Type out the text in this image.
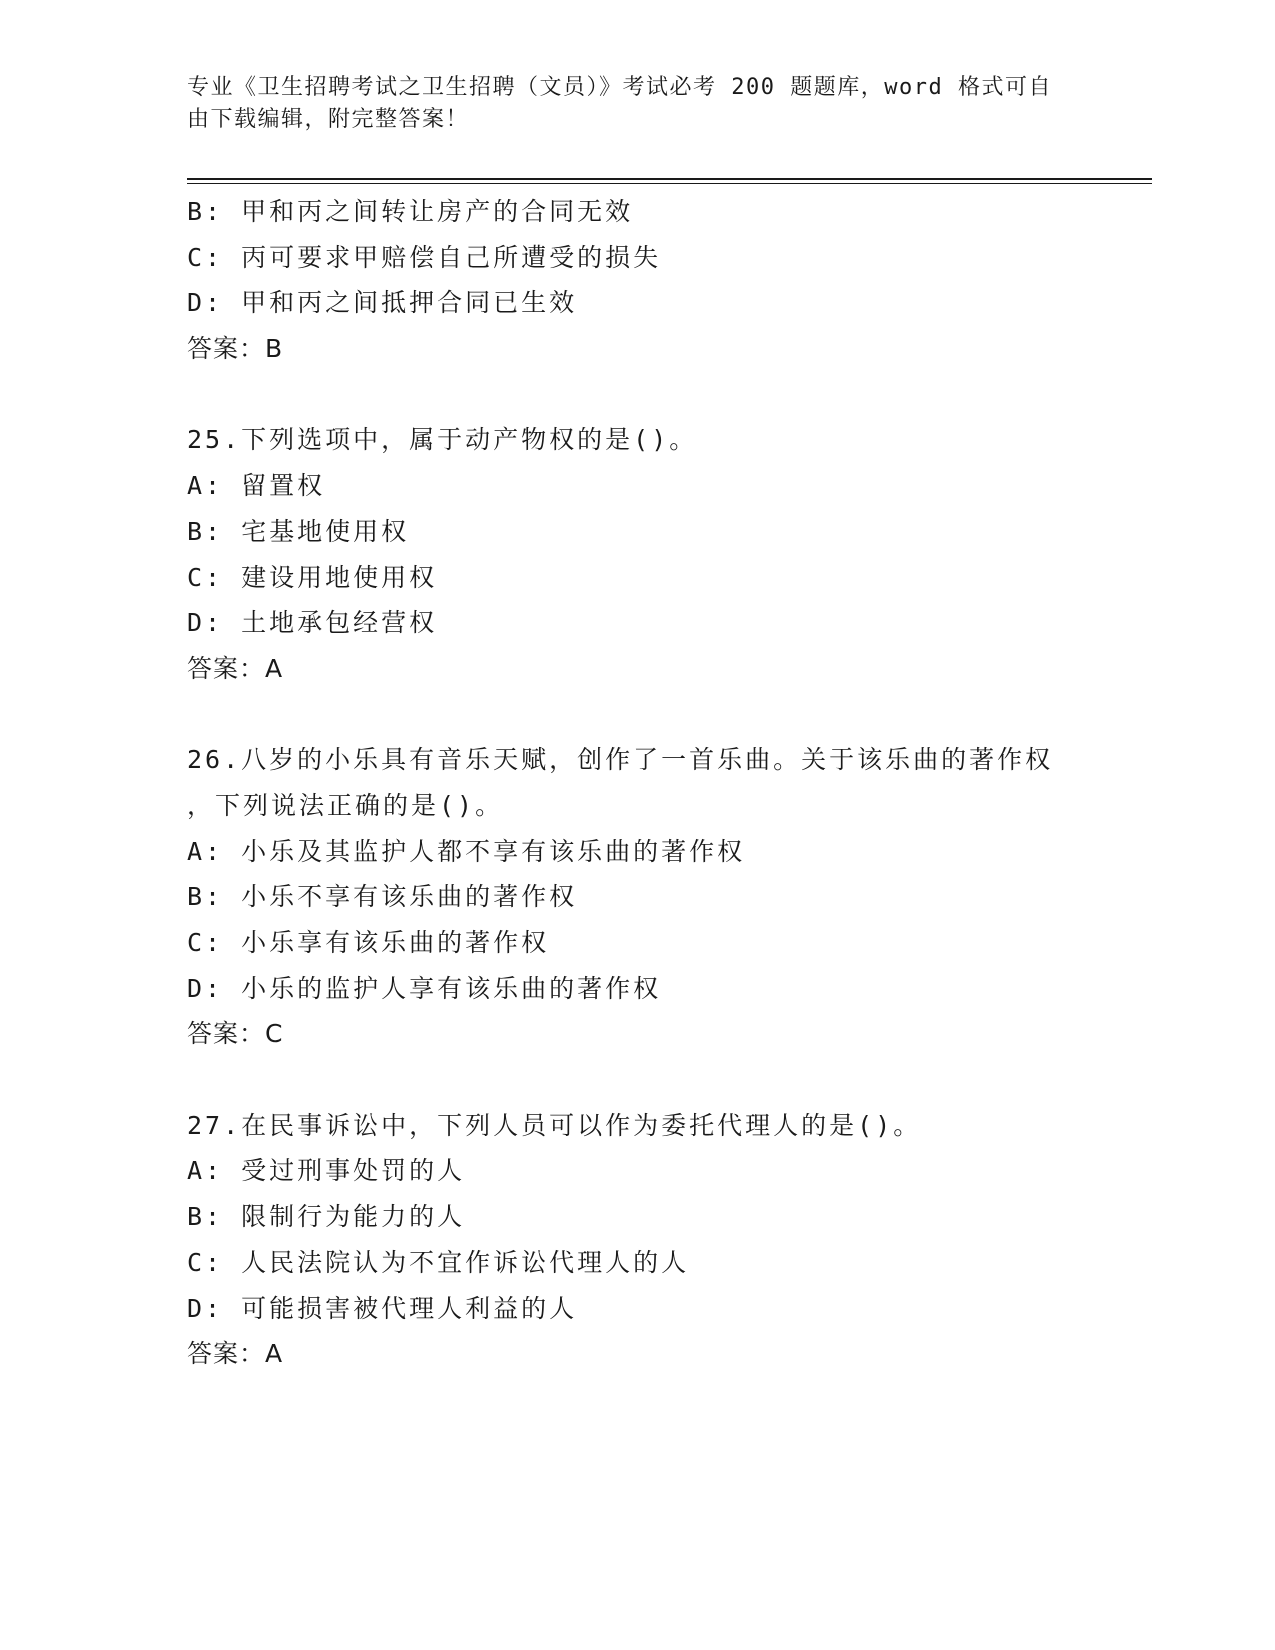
专业《卫生招聘考试之卫生招聘（文员）》考试必考 200 题题库，word 格式可自
由下载编辑，附完整答案！
B: 甲和丙之间转让房产的合同无效
C: 丙可要求甲赔偿自己所遭受的损失
D: 甲和丙之间抵押合同已生效
答案：B
25.下列选项中，属于动产物权的是()。
A: 留置权
B: 宅基地使用权
C: 建设用地使用权
D: 土地承包经营权
答案：A
26.八岁的小乐具有音乐天赋，创作了一首乐曲。关于该乐曲的著作权
，下列说法正确的是()。
A: 小乐及其监护人都不享有该乐曲的著作权
B: 小乐不享有该乐曲的著作权
C: 小乐享有该乐曲的著作权
D: 小乐的监护人享有该乐曲的著作权
答案：C
27.在民事诉讼中，下列人员可以作为委托代理人的是()。
A: 受过刑事处罚的人
B: 限制行为能力的人
C: 人民法院认为不宜作诉讼代理人的人
D: 可能损害被代理人利益的人
答案：A
